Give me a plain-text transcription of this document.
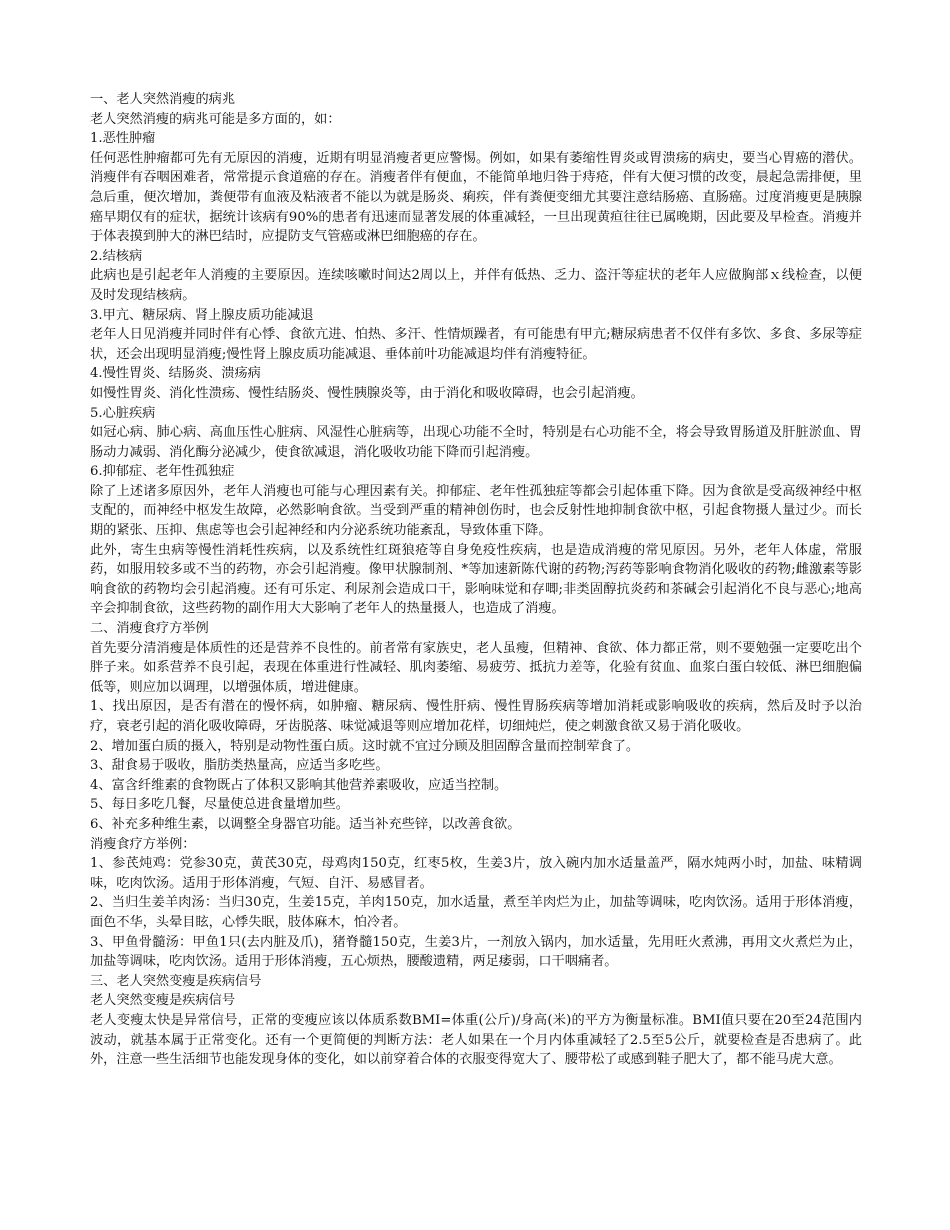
一、老人突然消瘦的病兆

老人突然消瘦的病兆可能是多方面的，如：

1.恶性肿瘤

任何恶性肿瘤都可先有无原因的消瘦，近期有明显消瘦者更应警惕。例如，如果有萎缩性胃炎或胃溃疡的病史，要当心胃癌的潜伏。消瘦伴有吞咽困难者，常常提示食道癌的存在。消瘦者伴有便血，不能简单地归咎于痔疮，伴有大便习惯的改变，晨起急需排便，里急后重，便次增加，粪便带有血液及粘液者不能以为就是肠炎、痢疾，伴有粪便变细尤其要注意结肠癌、直肠癌。过度消瘦更是胰腺癌早期仅有的症状，据统计该病有90%的患者有迅速而显著发展的体重减轻，一旦出现黄疸往往已属晚期，因此要及早检查。消瘦并于体表摸到肿大的淋巴结时，应提防支气管癌或淋巴细胞癌的存在。

2.结核病

此病也是引起老年人消瘦的主要原因。连续咳嗽时间达2周以上，并伴有低热、乏力、盗汗等症状的老年人应做胸部ｘ线检查，以便及时发现结核病。

3.甲亢、糖尿病、肾上腺皮质功能减退

老年人日见消瘦并同时伴有心悸、食欲亢进、怕热、多汗、性情烦躁者，有可能患有甲亢;糖尿病患者不仅伴有多饮、多食、多尿等症状，还会出现明显消瘦;慢性肾上腺皮质功能减退、垂体前叶功能减退均伴有消瘦特征。

4.慢性胃炎、结肠炎、溃疡病

如慢性胃炎、消化性溃疡、慢性结肠炎、慢性胰腺炎等，由于消化和吸收障碍，也会引起消瘦。

5.心脏疾病

如冠心病、肺心病、高血压性心脏病、风湿性心脏病等，出现心功能不全时，特别是右心功能不全，将会导致胃肠道及肝脏淤血、胃肠动力减弱、消化酶分泌减少，使食欲减退，消化吸收功能下降而引起消瘦。

6.抑郁症、老年性孤独症

除了上述诸多原因外，老年人消瘦也可能与心理因素有关。抑郁症、老年性孤独症等都会引起体重下降。因为食欲是受高级神经中枢支配的，而神经中枢发生故障，必然影响食欲。当受到严重的精神创伤时，也会反射性地抑制食欲中枢，引起食物摄人量过少。而长期的紧张、压抑、焦虑等也会引起神经和内分泌系统功能紊乱，导致体重下降。

此外，寄生虫病等慢性消耗性疾病，以及系统性红斑狼疮等自身免疫性疾病，也是造成消瘦的常见原因。另外，老年人体虚，常服药，如服用较多或不当的药物，亦会引起消瘦。像甲状腺制剂、*等加速新陈代谢的药物;泻药等影响食物消化吸收的药物;雌激素等影响食欲的药物均会引起消瘦。还有可乐定、利尿剂会造成口干，影响味觉和存唧;非类固醇抗炎药和茶碱会引起消化不良与恶心;地高辛会抑制食欲，这些药物的副作用大大影响了老年人的热量摄人，也造成了消瘦。

二、消瘦食疗方举例

首先要分清消瘦是体质性的还是营养不良性的。前者常有家族史，老人虽瘦，但精神、食欲、体力都正常，则不要勉强一定要吃出个胖子来。如系营养不良引起，表现在体重进行性减轻、肌肉萎缩、易疲劳、抵抗力差等，化验有贫血、血浆白蛋白较低、淋巴细胞偏低等，则应加以调理，以增强体质，增进健康。

1、找出原因，是否有潜在的慢怀病，如肿瘤、糖尿病、慢性肝病、慢性胃肠疾病等增加消耗或影响吸收的疾病，然后及时予以治疗，衰老引起的消化吸收障碍，牙齿脱落、味觉减退等则应增加花样，切细炖烂，使之刺激食欲又易于消化吸收。

2、增加蛋白质的摄入，特别是动物性蛋白质。这时就不宜过分顾及胆固醇含量而控制荤食了。

3、甜食易于吸收，脂肪类热量高，应适当多吃些。

4、富含纤维素的食物既占了体积又影响其他营养素吸收，应适当控制。

5、每日多吃几餐，尽量使总进食量增加些。

6、补充多种维生素，以调整全身器官功能。适当补充些锌，以改善食欲。

消瘦食疗方举例：

1、参芪炖鸡：党参30克，黄芪30克，母鸡肉150克，红枣5枚，生姜3片，放入碗内加水适量盖严，隔水炖两小时，加盐、味精调味，吃肉饮汤。适用于形体消瘦，气短、自汗、易感冒者。

2、当归生姜羊肉汤：当归30克，生姜15克，羊肉150克，加水适量，煮至羊肉烂为止，加盐等调味，吃肉饮汤。适用于形体消瘦，面色不华，头晕目眩，心悸失眠，肢体麻木，怕冷者。

3、甲鱼骨髓汤：甲鱼1只(去内脏及爪)，猪脊髓150克，生姜3片，一剂放入锅内，加水适量，先用旺火煮沸，再用文火煮烂为止，加盐等调味，吃肉饮汤。适用于形体消瘦，五心烦热，腰酸遗精，两足痿弱，口干咽痛者。

三、老人突然变瘦是疾病信号

老人突然变瘦是疾病信号

老人变瘦太快是异常信号，正常的变瘦应该以体质系数BMI=体重(公斤)/身高(米)的平方为衡量标准。BMI值只要在20至24范围内波动，就基本属于正常变化。还有一个更简便的判断方法：老人如果在一个月内体重减轻了2.5至5公斤，就要检查是否患病了。此外，注意一些生活细节也能发现身体的变化，如以前穿着合体的衣服变得宽大了、腰带松了或感到鞋子肥大了，都不能马虎大意。
